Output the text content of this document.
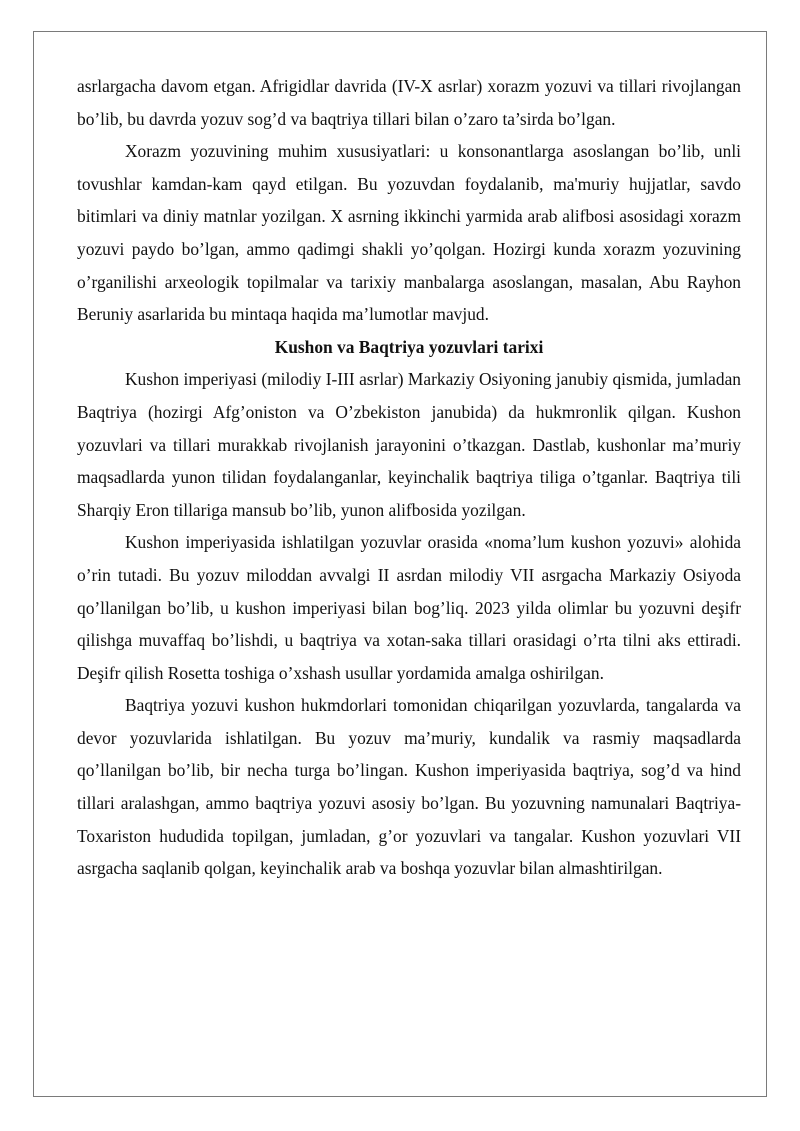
asrlargacha davom etgan. Afrigidlar davrida (IV-X asrlar) xorazm yozuvi va tillari rivojlangan bo’lib, bu davrda yozuv sog’d va baqtriya tillari bilan o’zaro ta’sirda bo’lgan.

Xorazm yozuvining muhim xususiyatlari: u konsonantlarga asoslangan bo’lib, unli tovushlar kamdan-kam qayd etilgan. Bu yozuvdan foydalanib, ma'muriy hujjatlar, savdo bitimlari va diniy matnlar yozilgan. X asrning ikkinchi yarmida arab alifbosi asosidagi xorazm yozuvi paydo bo’lgan, ammo qadimgi shakli yo’qolgan. Hozirgi kunda xorazm yozuvining o’rganilishi arxeologik topilmalar va tarixiy manbalarga asoslangan, masalan, Abu Rayhon Beruniy asarlarida bu mintaqa haqida ma’lumotlar mavjud.

Kushon va Baqtriya yozuvlari tarixi

Kushon imperiyasi (milodiy I-III asrlar) Markaziy Osiyoning janubiy qismida, jumladan Baqtriya (hozirgi Afg’oniston va O’zbekiston janubida) da hukmronlik qilgan. Kushon yozuvlari va tillari murakkab rivojlanish jarayonini o’tkazgan. Dastlab, kushonlar ma’muriy maqsadlarda yunon tilidan foydalanganlar, keyinchalik baqtriya tiliga o’tganlar. Baqtriya tili Sharqiy Eron tillariga mansub bo’lib, yunon alifbosida yozilgan.

Kushon imperiyasida ishlatilgan yozuvlar orasida «noma’lum kushon yozuvi» alohida o’rin tutadi. Bu yozuv miloddan avvalgi II asrdan milodiy VII asrgacha Markaziy Osiyoda qo’llanilgan bo’lib, u kushon imperiyasi bilan bog’liq. 2023 yilda olimlar bu yozuvni deşifr qilishga muvaffaq bo’lishdi, u baqtriya va xotan-saka tillari orasidagi o’rta tilni aks ettiradi. Deşifr qilish Rosetta toshiga o’xshash usullar yordamida amalga oshirilgan.

Baqtriya yozuvi kushon hukmdorlari tomonidan chiqarilgan yozuvlarda, tangalarda va devor yozuvlarida ishlatilgan. Bu yozuv ma’muriy, kundalik va rasmiy maqsadlarda qo’llanilgan bo’lib, bir necha turga bo’lingan. Kushon imperiyasida baqtriya, sog’d va hind tillari aralashgan, ammo baqtriya yozuvi asosiy bo’lgan. Bu yozuvning namunalari Baqtriya-Toxariston hududida topilgan, jumladan, g’or yozuvlari va tangalar. Kushon yozuvlari VII asrgacha saqlanib qolgan, keyinchalik arab va boshqa yozuvlar bilan almashtirilgan.
